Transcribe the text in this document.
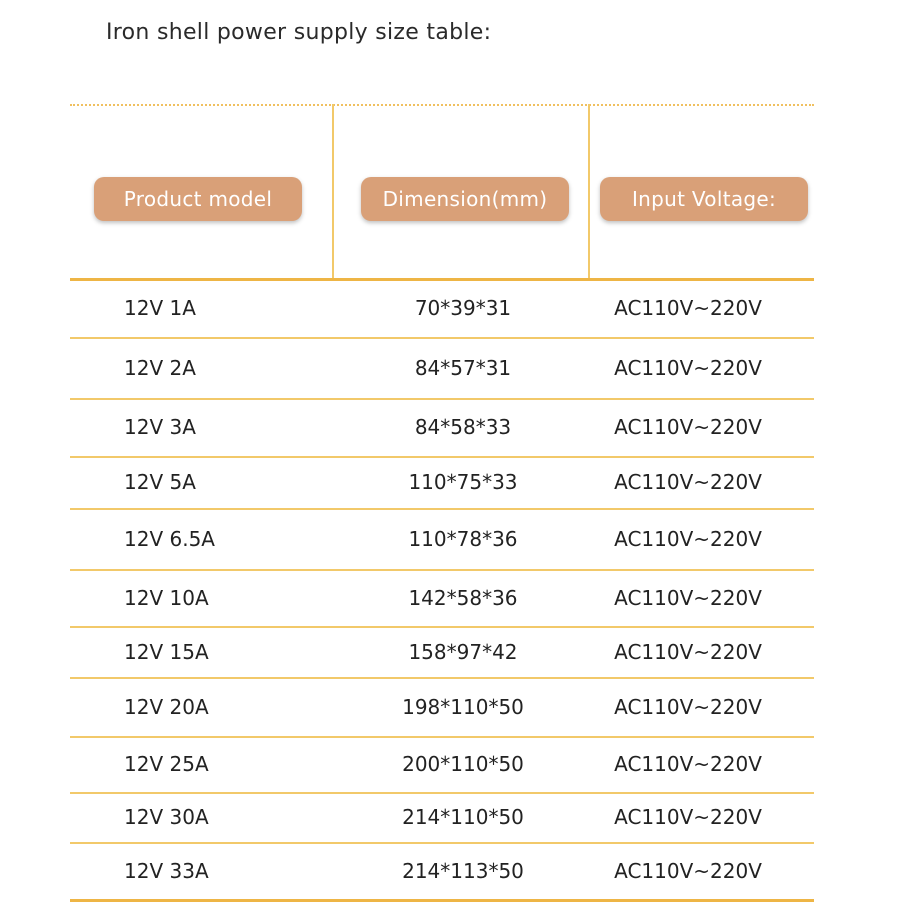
Iron shell power supply size table:
Product model	Dimension(mm)	Input Voltage:
12V 1A	70*39*31	AC110V~220V
12V 2A	84*57*31	AC110V~220V
12V 3A	84*58*33	AC110V~220V
12V 5A	110*75*33	AC110V~220V
12V 6.5A	110*78*36	AC110V~220V
12V 10A	142*58*36	AC110V~220V
12V 15A	158*97*42	AC110V~220V
12V 20A	198*110*50	AC110V~220V
12V 25A	200*110*50	AC110V~220V
12V 30A	214*110*50	AC110V~220V
12V 33A	214*113*50	AC110V~220V
